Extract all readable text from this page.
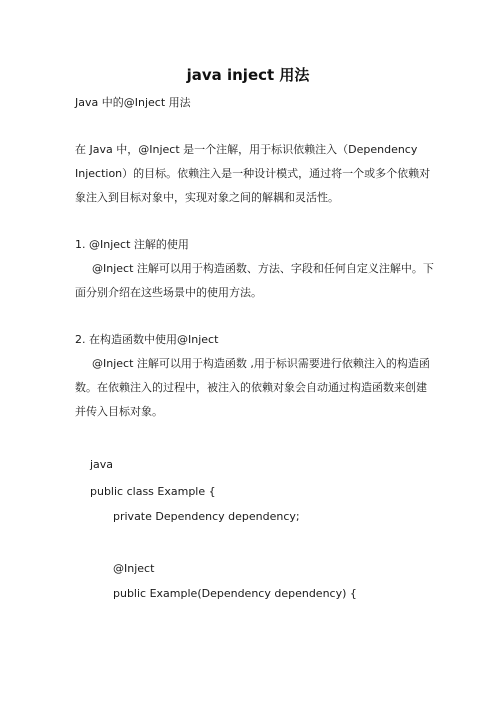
java inject 用法
Java 中的@Inject 用法
在 Java 中，@Inject 是一个注解，用于标识依赖注入（Dependency
Injection）的目标。依赖注入是一种设计模式，通过将一个或多个依赖对
象注入到目标对象中，实现对象之间的解耦和灵活性。
1. @Inject 注解的使用
@Inject 注解可以用于构造函数、方法、字段和任何自定义注解中。下
面分别介绍在这些场景中的使用方法。
2. 在构造函数中使用@Inject
@Inject 注解可以用于构造函数 ,用于标识需要进行依赖注入的构造函
数。在依赖注入的过程中，被注入的依赖对象会自动通过构造函数来创建
并传入目标对象。
java
public class Example {
private Dependency dependency;
@Inject
public Example(Dependency dependency) {
